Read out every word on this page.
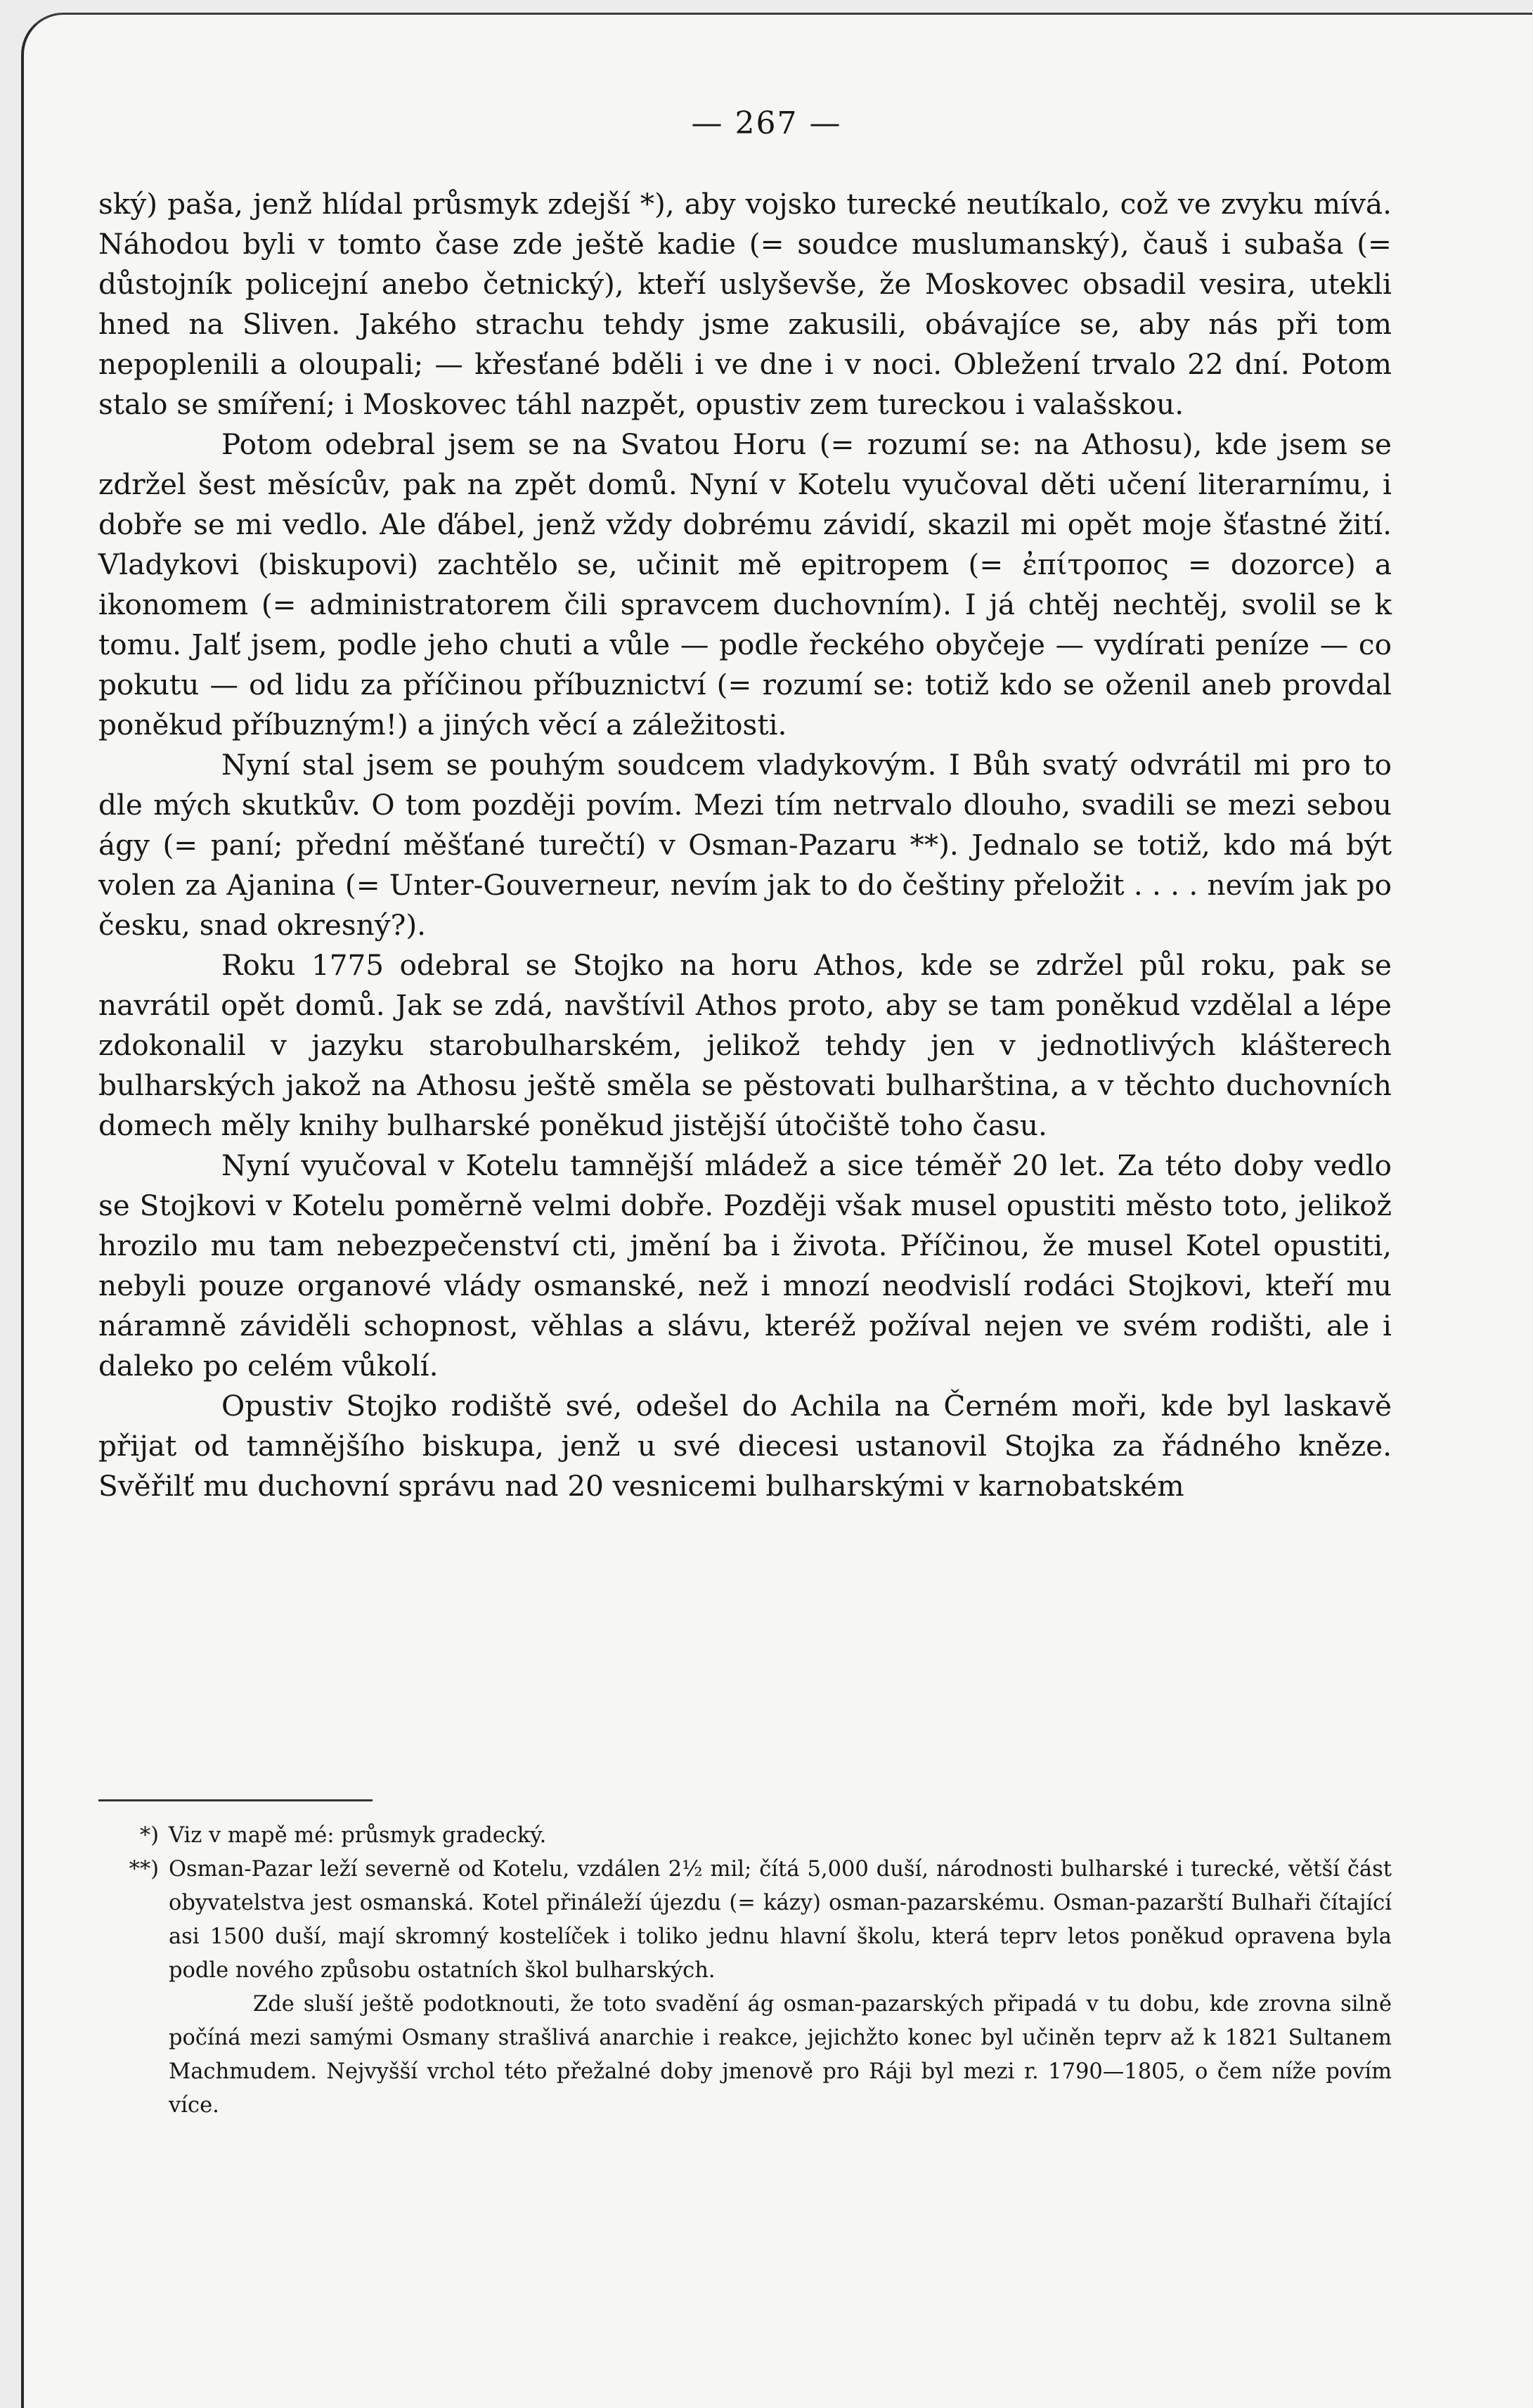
— 267 —

ský) paša, jenž hlídal průsmyk zdejší *), aby vojsko turecké neutíkalo, což ve zvyku mívá. Náhodou byli v tomto čase zde ještě kadie (= soudce muslumanský), čauš i subaša (= důstojník policejní anebo četnický), kteří uslyševše, že Moskovec obsadil vesira, utekli hned na Sliven. Jakého strachu tehdy jsme zakusili, obávajíce se, aby nás při tom nepoplenili a oloupali; — křesťané bděli i ve dne i v noci. Obležení trvalo 22 dní. Potom stalo se smíření; i Moskovec táhl nazpět, opustiv zem tureckou i valašskou.

Potom odebral jsem se na Svatou Horu (= rozumí se: na Athosu), kde jsem se zdržel šest měsícův, pak na zpět domů. Nyní v Kotelu vyučoval děti učení literarnímu, i dobře se mi vedlo. Ale ďábel, jenž vždy dobrému závidí, skazil mi opět moje šťastné žití. Vladykovi (biskupovi) zachtělo se, učinit mě epitropem (= ἐπίτροπος = dozorce) a ikonomem (= administratorem čili spravcem duchovním). I já chtěj nechtěj, svolil se k tomu. Jalť jsem, podle jeho chuti a vůle — podle řeckého obyčeje — vydírati peníze — co pokutu — od lidu za příčinou příbuznictví (= rozumí se: totiž kdo se oženil aneb provdal poněkud příbuzným!) a jiných věcí a záležitosti.

Nyní stal jsem se pouhým soudcem vladykovým. I Bůh svatý odvrátil mi pro to dle mých skutkův. O tom později povím. Mezi tím netrvalo dlouho, svadili se mezi sebou ágy (= paní; přední měšťané turečtí) v Osman-Pazaru **). Jednalo se totiž, kdo má být volen za Ajanina (= Unter-Gouverneur, nevím jak to do češtiny přeložit . . . . nevím jak po česku, snad okresný?).

Roku 1775 odebral se Stojko na horu Athos, kde se zdržel půl roku, pak se navrátil opět domů. Jak se zdá, navštívil Athos proto, aby se tam poněkud vzdělal a lépe zdokonalil v jazyku starobulharském, jelikož tehdy jen v jednotlivých klášterech bulharských jakož na Athosu ještě směla se pěstovati bulharština, a v těchto duchovních domech měly knihy bulharské poněkud jistější útočiště toho času.

Nyní vyučoval v Kotelu tamnější mládež a sice téměř 20 let. Za této doby vedlo se Stojkovi v Kotelu poměrně velmi dobře. Později však musel opustiti město toto, jelikož hrozilo mu tam nebezpečenství cti, jmění ba i života. Příčinou, že musel Kotel opustiti, nebyli pouze organové vlády osmanské, než i mnozí neodvislí rodáci Stojkovi, kteří mu náramně záviděli schopnost, věhlas a slávu, kteréž požíval nejen ve svém rodišti, ale i daleko po celém vůkolí.

Opustiv Stojko rodiště své, odešel do Achila na Černém moři, kde byl laskavě přijat od tamnějšího biskupa, jenž u své diecesi ustanovil Stojka za řádného kněze. Svěřilť mu duchovní správu nad 20 vesnicemi bulharskými v karnobatském

*) Viz v mapě mé: průsmyk gradecký.
**) Osman-Pazar leží severně od Kotelu, vzdálen 2½ mil; čítá 5,000 duší, národnosti bulharské i turecké, větší část obyvatelstva jest osmanská. Kotel přináleží újezdu (= kázy) osman-pazarskému. Osman-pazarští Bulhaři čítající asi 1500 duší, mají skromný kostelíček i toliko jednu hlavní školu, která teprv letos poněkud opravena byla podle nového způsobu ostatních škol bulharských.

Zde sluší ještě podotknouti, že toto svadění ág osman-pazarských připadá v tu dobu, kde zrovna silně počíná mezi samými Osmany strašlivá anarchie i reakce, jejichžto konec byl učiněn teprv až k 1821 Sultanem Machmudem. Nejvyšší vrchol této přežalné doby jmenově pro Ráji byl mezi r. 1790—1805, o čem níže povím více.
